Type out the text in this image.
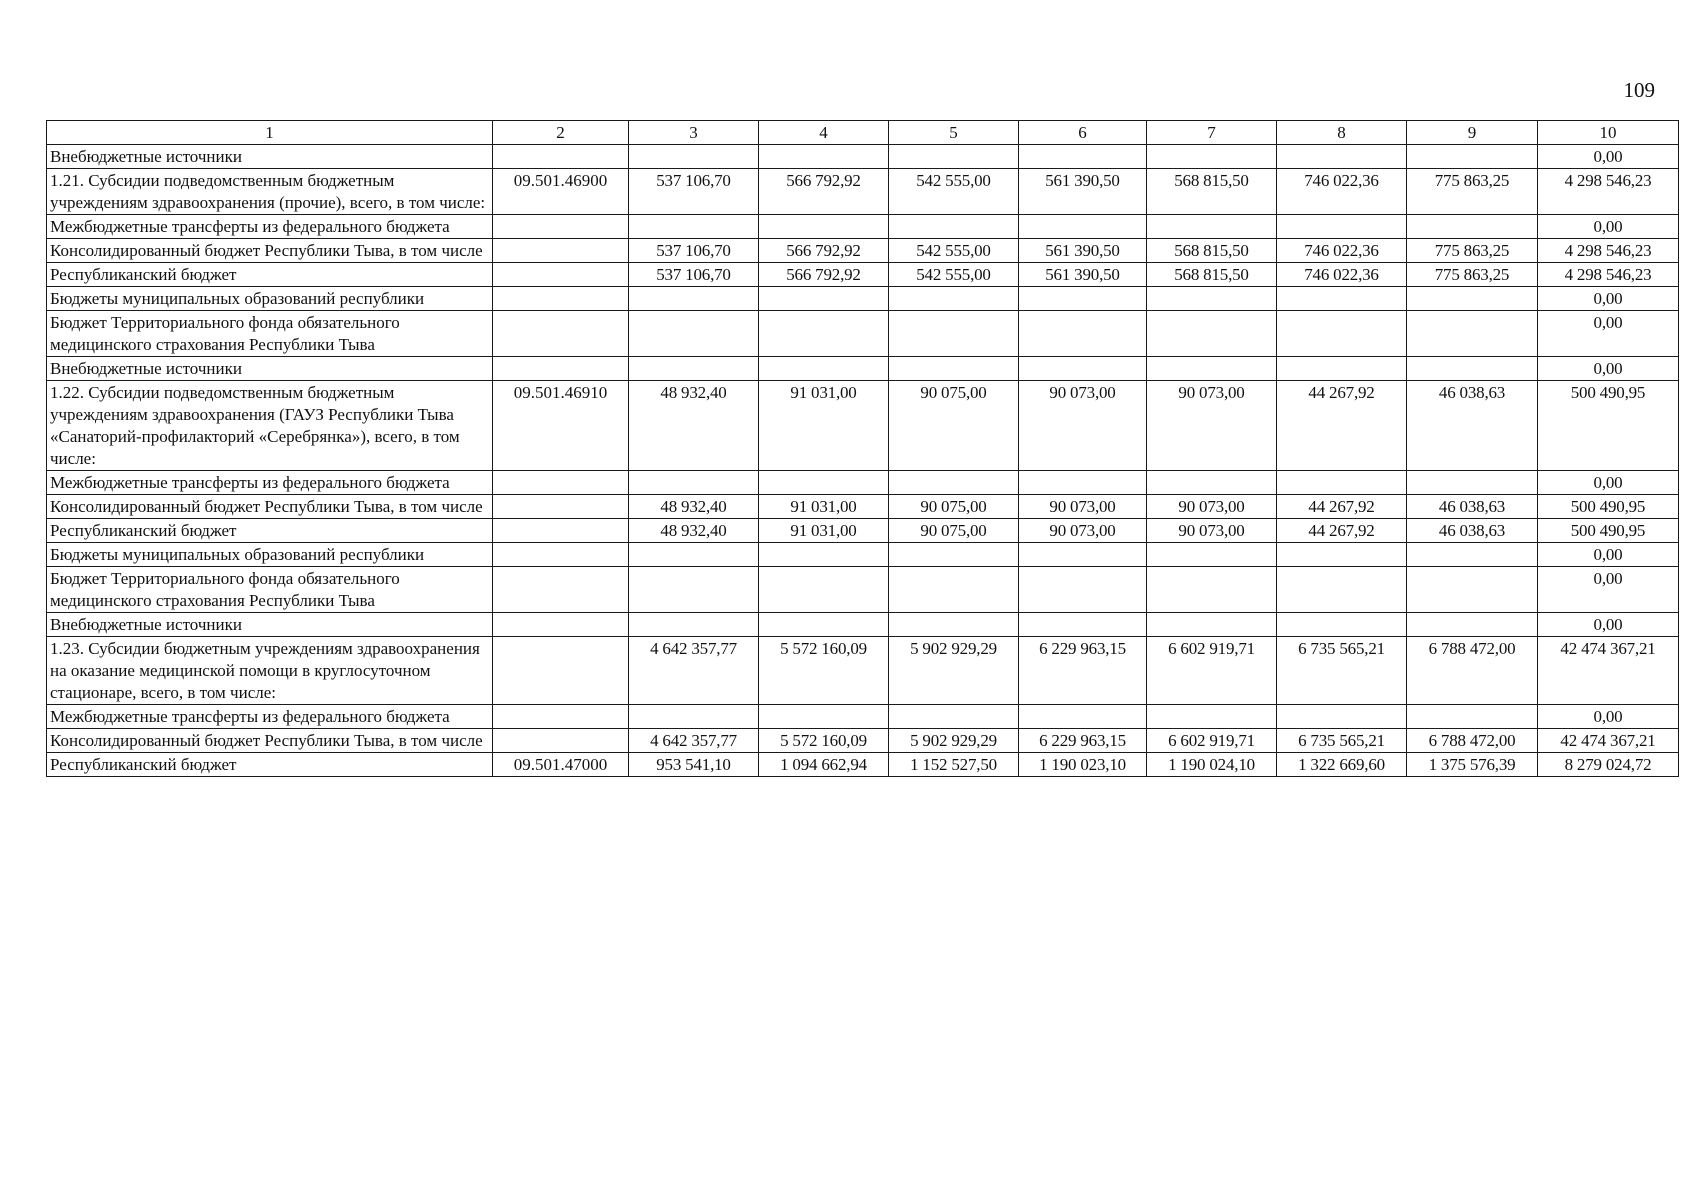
109
1	2	3	4	5	6	7	8	9	10
Внебюджетные источники									0,00
1.21. Субсидии подведомственным бюджетным учреждениям здравоохранения (прочие), всего, в том числе:	09.501.46900	537 106,70	566 792,92	542 555,00	561 390,50	568 815,50	746 022,36	775 863,25	4 298 546,23
Межбюджетные трансферты из федерального бюджета									0,00
Консолидированный бюджет Республики Тыва, в том числе		537 106,70	566 792,92	542 555,00	561 390,50	568 815,50	746 022,36	775 863,25	4 298 546,23
Республиканский бюджет		537 106,70	566 792,92	542 555,00	561 390,50	568 815,50	746 022,36	775 863,25	4 298 546,23
Бюджеты муниципальных образований республики									0,00
Бюджет Территориального фонда обязательного медицинского страхования Республики Тыва									0,00
Внебюджетные источники									0,00
1.22. Субсидии подведомственным бюджетным учреждениям здравоохранения (ГАУЗ Республики Тыва «Санаторий-профилакторий «Серебрянка»), всего, в том числе:	09.501.46910	48 932,40	91 031,00	90 075,00	90 073,00	90 073,00	44 267,92	46 038,63	500 490,95
Межбюджетные трансферты из федерального бюджета									0,00
Консолидированный бюджет Республики Тыва, в том числе		48 932,40	91 031,00	90 075,00	90 073,00	90 073,00	44 267,92	46 038,63	500 490,95
Республиканский бюджет		48 932,40	91 031,00	90 075,00	90 073,00	90 073,00	44 267,92	46 038,63	500 490,95
Бюджеты муниципальных образований республики									0,00
Бюджет Территориального фонда обязательного медицинского страхования Республики Тыва									0,00
Внебюджетные источники									0,00
1.23. Субсидии бюджетным учреждениям здравоохранения на оказание медицинской помощи в круглосуточном стационаре, всего, в том числе:		4 642 357,77	5 572 160,09	5 902 929,29	6 229 963,15	6 602 919,71	6 735 565,21	6 788 472,00	42 474 367,21
Межбюджетные трансферты из федерального бюджета									0,00
Консолидированный бюджет Республики Тыва, в том числе		4 642 357,77	5 572 160,09	5 902 929,29	6 229 963,15	6 602 919,71	6 735 565,21	6 788 472,00	42 474 367,21
Республиканский бюджет	09.501.47000	953 541,10	1 094 662,94	1 152 527,50	1 190 023,10	1 190 024,10	1 322 669,60	1 375 576,39	8 279 024,72
